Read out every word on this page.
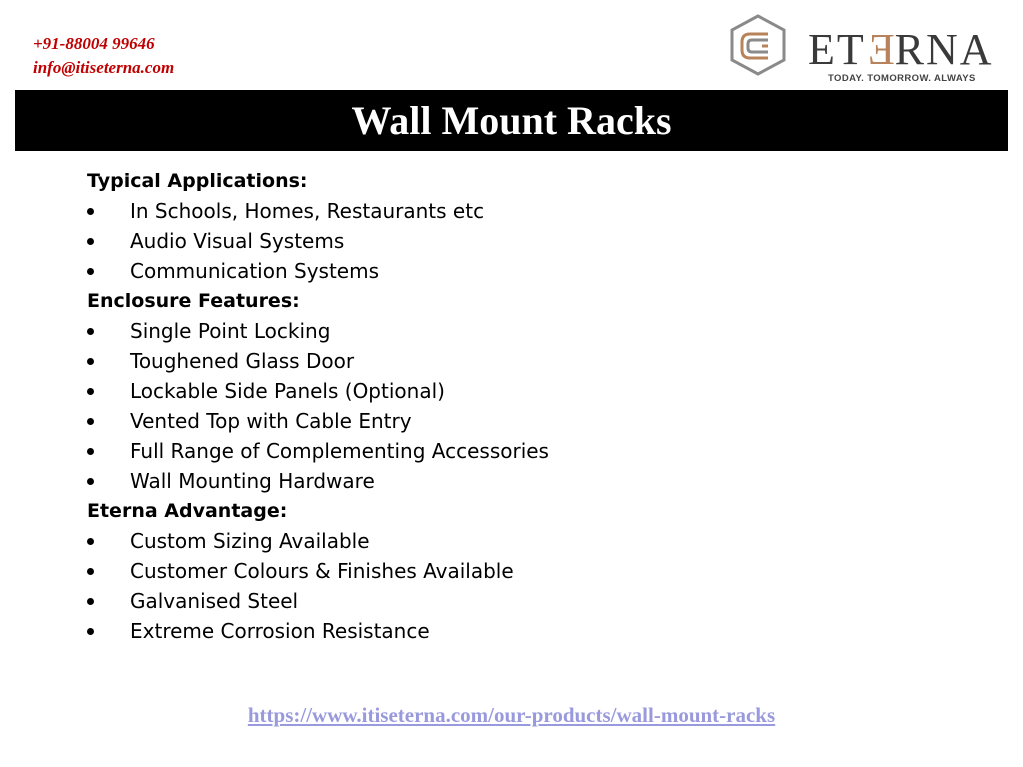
+91-88004 99646
info@itiseterna.com	ETERNA
TODAY. TOMORROW. ALWAYS
Wall Mount Racks
Typical Applications:
In Schools, Homes, Restaurants etc
Audio Visual Systems
Communication Systems
Enclosure Features:
Single Point Locking
Toughened Glass Door
Lockable Side Panels (Optional)
Vented Top with Cable Entry
Full Range of Complementing Accessories
Wall Mounting Hardware
Eterna Advantage:
Custom Sizing Available
Customer Colours & Finishes Available
Galvanised Steel
Extreme Corrosion Resistance
https://www.itiseterna.com/our-products/wall-mount-racks
